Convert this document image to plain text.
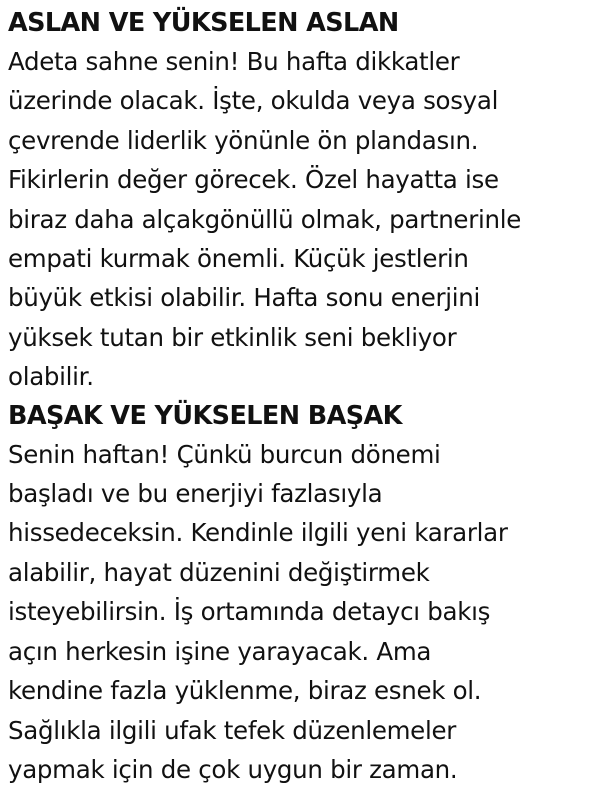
ASLAN VE YÜKSELEN ASLAN

Adeta sahne senin! Bu hafta dikkatler
üzerinde olacak. İşte, okulda veya sosyal
çevrende liderlik yönünle ön plandasın.
Fikirlerin değer görecek. Özel hayatta ise
biraz daha alçakgönüllü olmak, partnerinle
empati kurmak önemli. Küçük jestlerin
büyük etkisi olabilir. Hafta sonu enerjini
yüksek tutan bir etkinlik seni bekliyor
olabilir.

BAŞAK VE YÜKSELEN BAŞAK

Senin haftan! Çünkü burcun dönemi
başladı ve bu enerjiyi fazlasıyla
hissedeceksin. Kendinle ilgili yeni kararlar
alabilir, hayat düzenini değiştirmek
isteyebilirsin. İş ortamında detaycı bakış
açın herkesin işine yarayacak. Ama
kendine fazla yüklenme, biraz esnek ol.
Sağlıkla ilgili ufak tefek düzenlemeler
yapmak için de çok uygun bir zaman.
